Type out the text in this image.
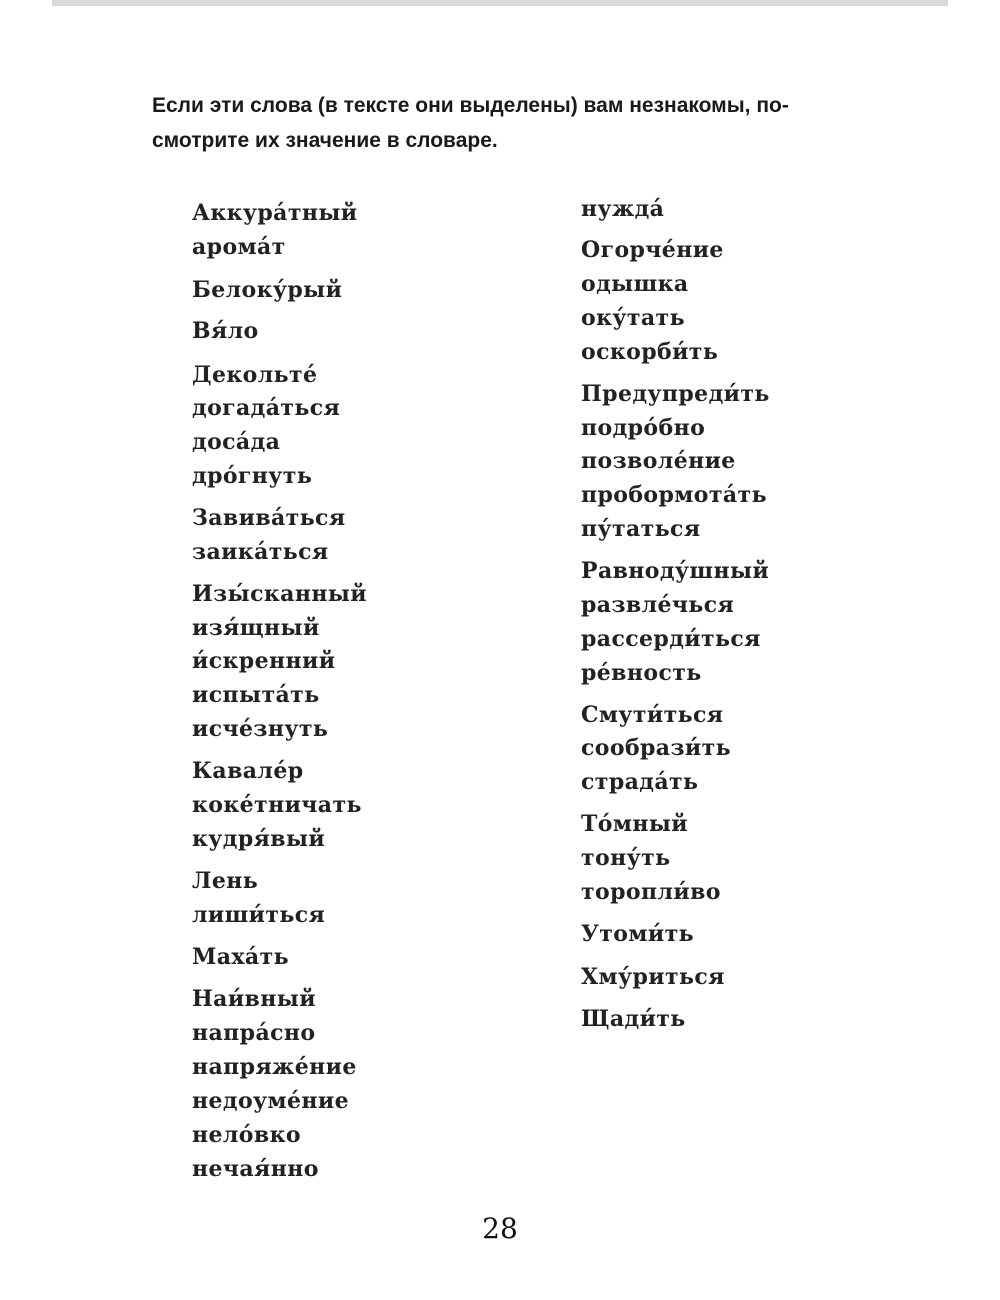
Если эти слова (в тексте они выделены) вам незнакомы, по-
смотрите их значение в словаре.
Аккура́тный
арома́т
Белоку́рый
Вя́ло
Декольте́
догада́ться
доса́да
дро́гнуть
Завива́ться
заика́ться
Изы́сканный
изя́щный
и́скренний
испыта́ть
исче́знуть
Кавале́р
коке́тничать
кудря́вый
Лень
лиши́ться
Маха́ть
Наи́вный
напра́сно
напряже́ние
недоуме́ние
нело́вко
нечая́нно
нужда́
Огорче́ние
одышка
оку́тать
оскорби́ть
Предупреди́ть
подро́бно
позволе́ние
пробормота́ть
пу́таться
Равноду́шный
развле́чься
рассерди́ться
ре́вность
Смути́ться
сообрази́ть
страда́ть
То́мный
тону́ть
торопли́во
Утоми́ть
Хму́риться
Щади́ть
28
